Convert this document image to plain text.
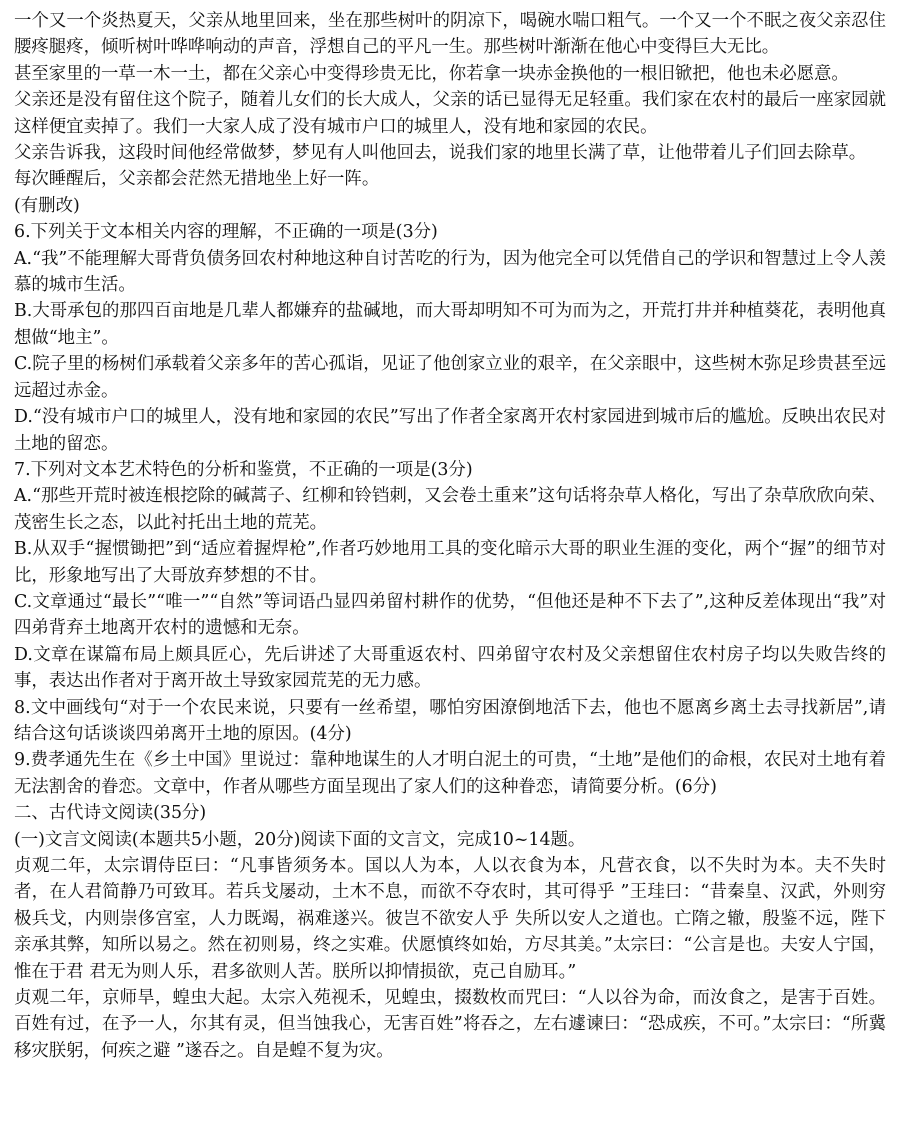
一个又一个炎热夏天，父亲从地里回来，坐在那些树叶的阴凉下，喝碗水喘口粗气。一个又一个不眠之夜父亲忍住腰疼腿疼，倾听树叶哗哗响动的声音，浮想自己的平凡一生。那些树叶渐渐在他心中变得巨大无比。

甚至家里的一草一木一土，都在父亲心中变得珍贵无比，你若拿一块赤金换他的一根旧锨把，他也未必愿意。

父亲还是没有留住这个院子，随着儿女们的长大成人，父亲的话已显得无足轻重。我们家在农村的最后一座家园就这样便宜卖掉了。我们一大家人成了没有城市户口的城里人，没有地和家园的农民。

父亲告诉我，这段时间他经常做梦，梦见有人叫他回去，说我们家的地里长满了草，让他带着儿子们回去除草。

每次睡醒后，父亲都会茫然无措地坐上好一阵。

(有删改)

6.下列关于文本相关内容的理解，不正确的一项是(3分)

A.“我”不能理解大哥背负债务回农村种地这种自讨苦吃的行为，因为他完全可以凭借自己的学识和智慧过上令人羡慕的城市生活。

B.大哥承包的那四百亩地是几辈人都嫌弃的盐碱地，而大哥却明知不可为而为之，开荒打井并种植葵花，表明他真想做“地主”。

C.院子里的杨树们承载着父亲多年的苦心孤诣，见证了他创家立业的艰辛，在父亲眼中，这些树木弥足珍贵甚至远远超过赤金。

D.“没有城市户口的城里人，没有地和家园的农民”写出了作者全家离开农村家园进到城市后的尴尬。反映出农民对土地的留恋。

7.下列对文本艺术特色的分析和鉴赏，不正确的一项是(3分)

A.“那些开荒时被连根挖除的碱蒿子、红柳和铃铛刺，又会卷土重来”这句话将杂草人格化，写出了杂草欣欣向荣、茂密生长之态，以此衬托出土地的荒芜。

B.从双手“握惯锄把”到“适应着握焊枪”,作者巧妙地用工具的变化暗示大哥的职业生涯的变化，两个“握”的细节对比，形象地写出了大哥放弃梦想的不甘。

C.文章通过“最长”“唯一”“自然”等词语凸显四弟留村耕作的优势，“但他还是种不下去了”,这种反差体现出“我”对四弟背弃土地离开农村的遗憾和无奈。

D.文章在谋篇布局上颇具匠心，先后讲述了大哥重返农村、四弟留守农村及父亲想留住农村房子均以失败告终的事，表达出作者对于离开故土导致家园荒芜的无力感。

8.文中画线句“对于一个农民来说，只要有一丝希望，哪怕穷困潦倒地活下去，他也不愿离乡离土去寻找新居”,请结合这句话谈谈四弟离开土地的原因。(4分)

9.费孝通先生在《乡土中国》里说过：靠种地谋生的人才明白泥土的可贵，“土地”是他们的命根，农民对土地有着无法割舍的眷恋。文章中，作者从哪些方面呈现出了家人们的这种眷恋，请简要分析。(6分)

二、古代诗文阅读(35分)

(一)文言文阅读(本题共5小题，20分)阅读下面的文言文，完成10~14题。

贞观二年，太宗谓侍臣曰：“凡事皆须务本。国以人为本，人以衣食为本，凡营衣食，以不失时为本。夫不失时者，在人君简静乃可致耳。若兵戈屡动，土木不息，而欲不夺农时，其可得乎 ”王珪曰：“昔秦皇、汉武，外则穷极兵戈，内则崇侈宫室，人力既竭，祸难遂兴。彼岂不欲安人乎 失所以安人之道也。亡隋之辙，殷鉴不远，陛下亲承其弊，知所以易之。然在初则易，终之实难。伏愿慎终如始，方尽其美。”太宗曰：“公言是也。夫安人宁国，惟在于君 君无为则人乐，君多欲则人苦。朕所以抑情损欲，克己自励耳。”

贞观二年，京师旱，蝗虫大起。太宗入苑视禾，见蝗虫，掇数枚而咒曰：“人以谷为命，而汝食之，是害于百姓。百姓有过，在予一人，尔其有灵，但当蚀我心，无害百姓”将吞之，左右遽谏曰：“恐成疾，不可。”太宗曰：“所冀移灾朕躬，何疾之避 ”遂吞之。自是蝗不复为灾。
